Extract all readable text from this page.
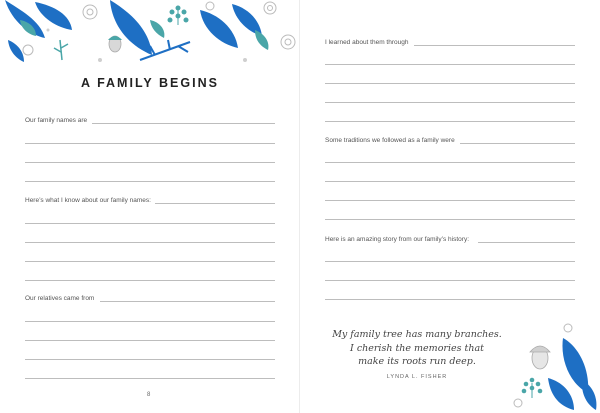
A FAMILY BEGINS
Our family names are
Here’s what I know about our family names:
Our relatives came from
8
I learned about them through
Some traditions we followed as a family were
Here is an amazing story from our family’s history:
My family tree has many branches.
I cherish the memories that
make its roots run deep.
LYNDA L. FISHER
